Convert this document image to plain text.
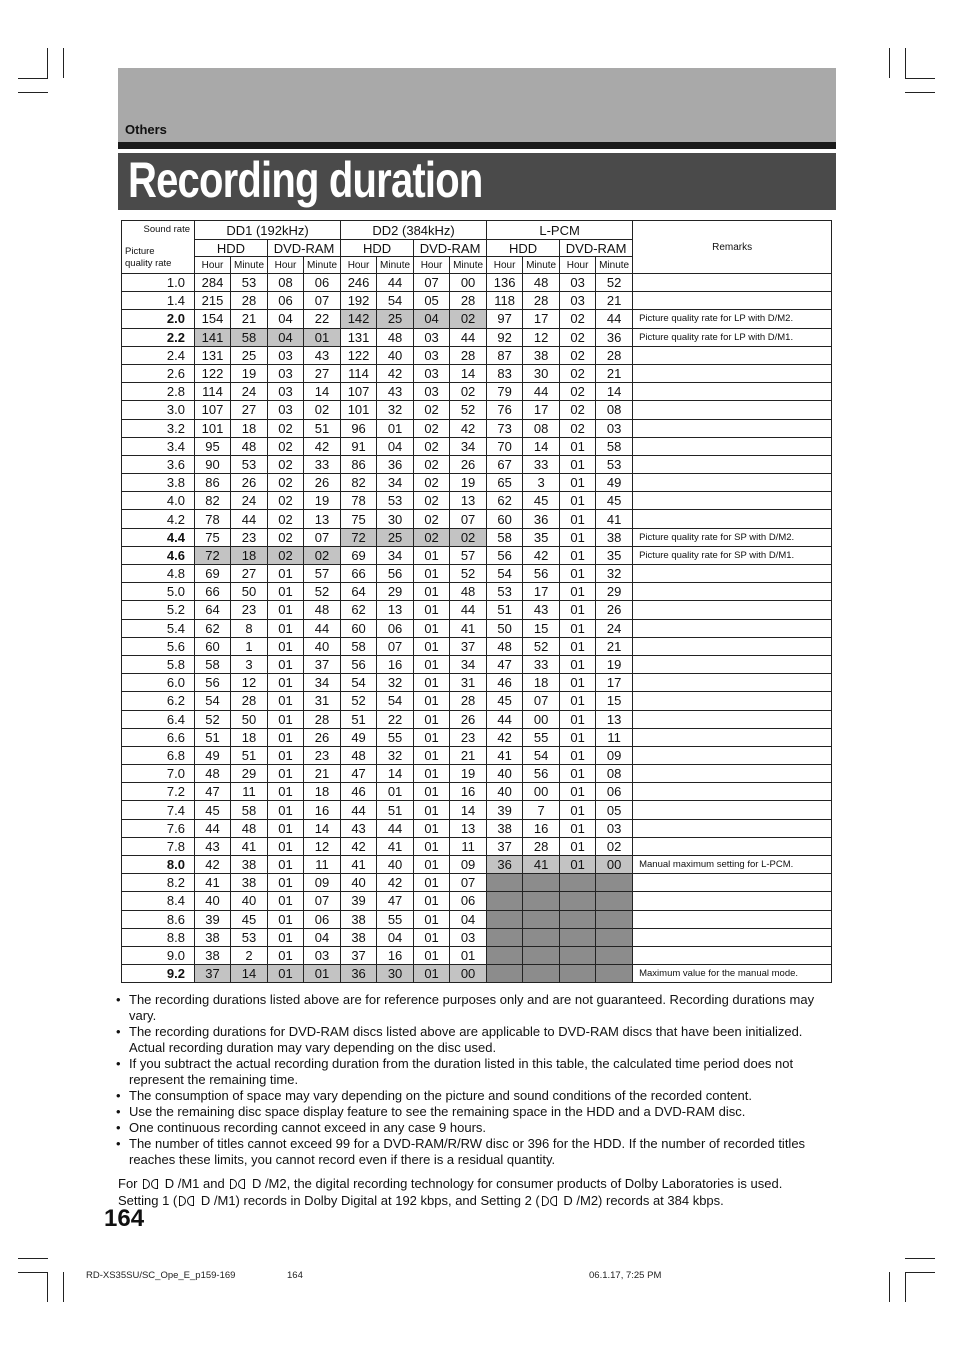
Others
Recording duration
Sound rate
Picture
quality rate	DD1 (192kHz)				DD2 (384kHz)				L-PCM				Remarks
	HDD		DVD-RAM		HDD		DVD-RAM		HDD		DVD-RAM		
	Hour	Minute	Hour	Minute	Hour	Minute	Hour	Minute	Hour	Minute	Hour	Minute	
1.0	284	53	08	06	246	44	07	00	136	48	03	52	
1.4	215	28	06	07	192	54	05	28	118	28	03	21	
2.0	154	21	04	22	142	25	04	02	97	17	02	44	Picture quality rate for LP with D/M2.
2.2	141	58	04	01	131	48	03	44	92	12	02	36	Picture quality rate for LP with D/M1.
2.4	131	25	03	43	122	40	03	28	87	38	02	28	
2.6	122	19	03	27	114	42	03	14	83	30	02	21	
2.8	114	24	03	14	107	43	03	02	79	44	02	14	
3.0	107	27	03	02	101	32	02	52	76	17	02	08	
3.2	101	18	02	51	96	01	02	42	73	08	02	03	
3.4	95	48	02	42	91	04	02	34	70	14	01	58	
3.6	90	53	02	33	86	36	02	26	67	33	01	53	
3.8	86	26	02	26	82	34	02	19	65	3	01	49	
4.0	82	24	02	19	78	53	02	13	62	45	01	45	
4.2	78	44	02	13	75	30	02	07	60	36	01	41	
4.4	75	23	02	07	72	25	02	02	58	35	01	38	Picture quality rate for SP with D/M2.
4.6	72	18	02	02	69	34	01	57	56	42	01	35	Picture quality rate for SP with D/M1.
4.8	69	27	01	57	66	56	01	52	54	56	01	32	
5.0	66	50	01	52	64	29	01	48	53	17	01	29	
5.2	64	23	01	48	62	13	01	44	51	43	01	26	
5.4	62	8	01	44	60	06	01	41	50	15	01	24	
5.6	60	1	01	40	58	07	01	37	48	52	01	21	
5.8	58	3	01	37	56	16	01	34	47	33	01	19	
6.0	56	12	01	34	54	32	01	31	46	18	01	17	
6.2	54	28	01	31	52	54	01	28	45	07	01	15	
6.4	52	50	01	28	51	22	01	26	44	00	01	13	
6.6	51	18	01	26	49	55	01	23	42	55	01	11	
6.8	49	51	01	23	48	32	01	21	41	54	01	09	
7.0	48	29	01	21	47	14	01	19	40	56	01	08	
7.2	47	11	01	18	46	01	01	16	40	00	01	06	
7.4	45	58	01	16	44	51	01	14	39	7	01	05	
7.6	44	48	01	14	43	44	01	13	38	16	01	03	
7.8	43	41	01	12	42	41	01	11	37	28	01	02	
8.0	42	38	01	11	41	40	01	09	36	41	01	00	Manual maximum setting for L-PCM.
8.2	41	38	01	09	40	42	01	07					
8.4	40	40	01	07	39	47	01	06					
8.6	39	45	01	06	38	55	01	04					
8.8	38	53	01	04	38	04	01	03					
9.0	38	2	01	03	37	16	01	01					
9.2	37	14	01	01	36	30	01	00					Maximum value for the manual mode.
• The recording durations listed above are for reference purposes only and are not guaranteed. Recording durations may vary.
• The recording durations for DVD-RAM discs listed above are applicable to DVD-RAM discs that have been initialized. Actual recording duration may vary depending on the disc used.
• If you subtract the actual recording duration from the duration listed in this table, the calculated time period does not represent the remaining time.
• The consumption of space may vary depending on the picture and sound conditions of the recorded content.
• Use the remaining disc space display feature to see the remaining space in the HDD and a DVD-RAM disc.
• One continuous recording cannot exceed in any case 9 hours.
• The number of titles cannot exceed 99 for a DVD-RAM/R/RW disc or 396 for the HDD. If the number of recorded titles reaches these limits, you cannot record even if there is a residual quantity.
For  D /M1 and  D /M2, the digital recording technology for consumer products of Dolby Laboratories is used.
Setting 1 ( D /M1) records in Dolby Digital at 192 kbps, and Setting 2 ( D /M2) records at 384 kbps.
164
RD-XS35SU/SC_Ope_E_p159-169	164	06.1.17, 7:25 PM
